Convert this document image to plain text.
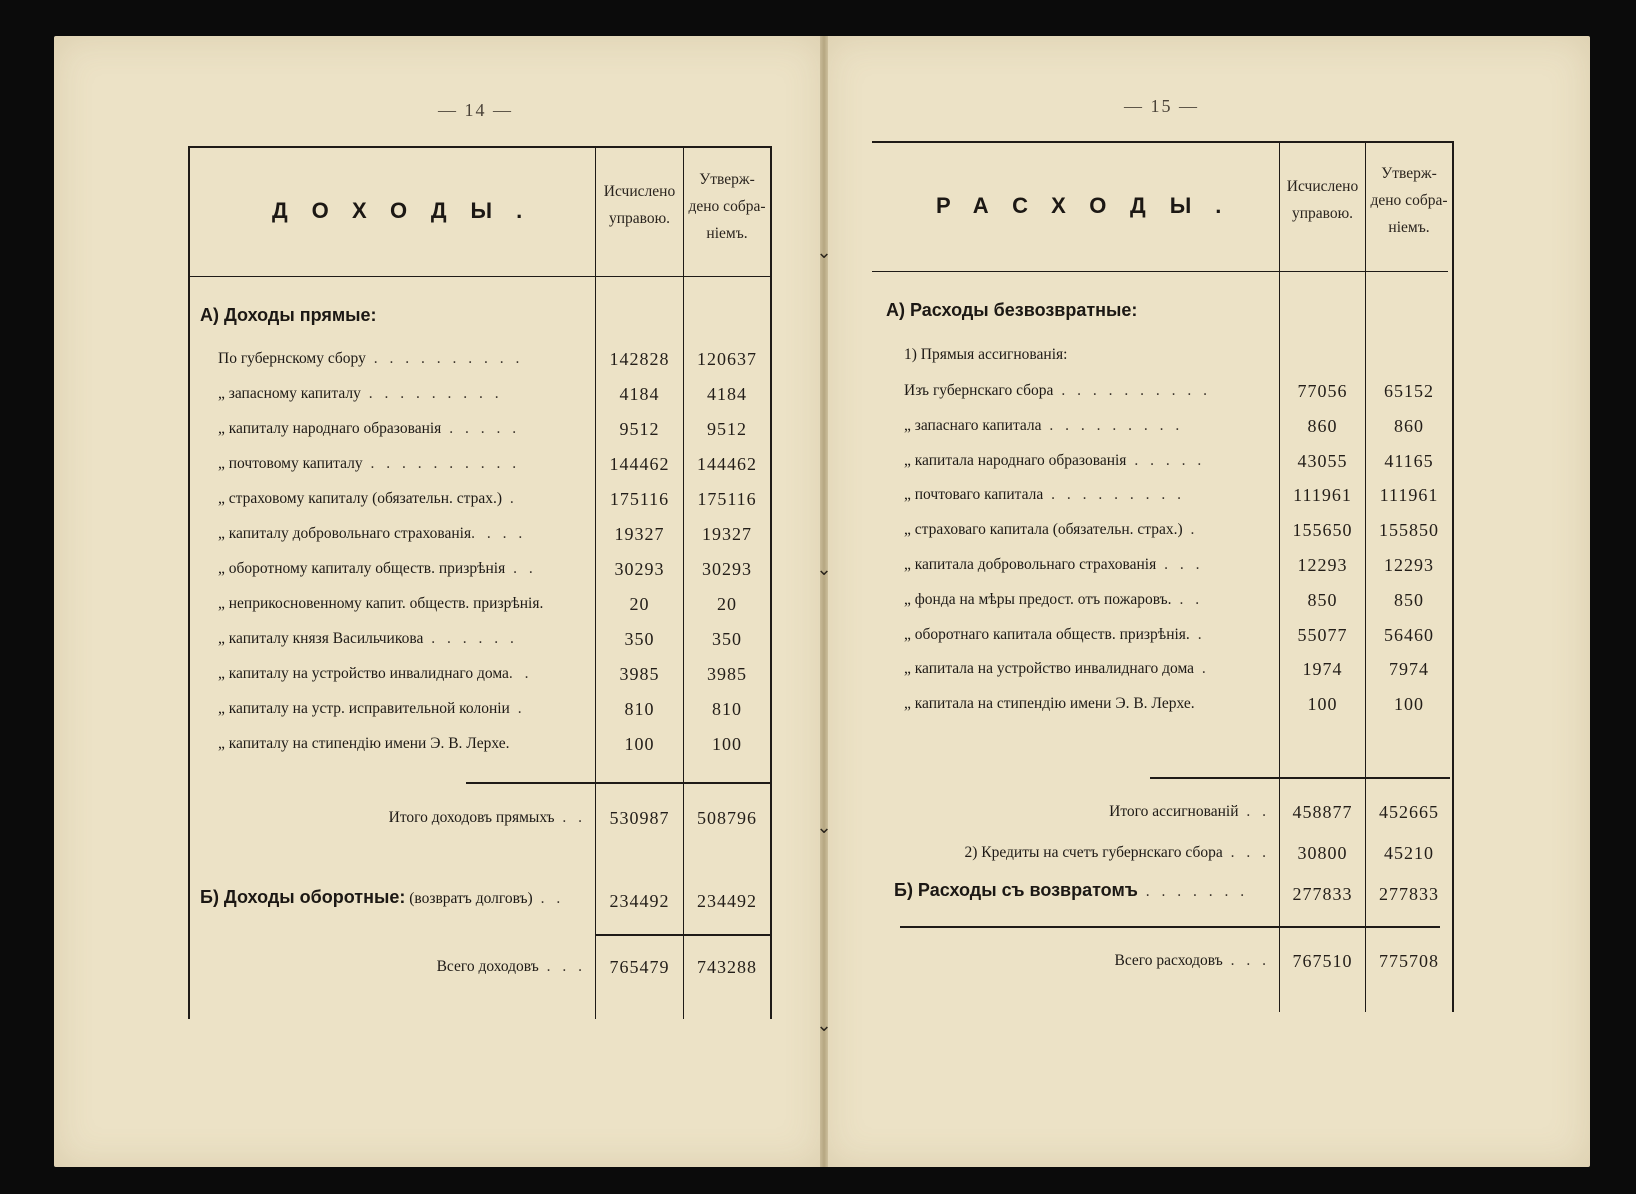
⌄
⌄
⌄
⌄
— 14 —
ДОХОДЫ.
Исчислено
управою.
Утверж-
дено собра-
ніемъ.
А) Доходы прямые:
По губернскому сбору . . . . . . . . . .	142828	120637
„ запасному капиталу . . . . . . . . .	4184	4184
„ капиталу народнаго образованія . . . . .	9512	9512
„ почтовому капиталу . . . . . . . . . .	144462	144462
„ страховому капиталу (обязательн. страх.) .	175116	175116
„ капиталу добровольнаго страхованія. . . .	19327	19327
„ оборотному капиталу обществ. призрѣнія . .	30293	30293
„ неприкосновенному капит. обществ. призрѣнія.	20	20
„ капиталу князя Васильчикова . . . . . .	350	350
„ капиталу на устройство инвалиднаго дома. .	3985	3985
„ капиталу на устр. исправительной колоніи .	810	810
„ капиталу на стипендію имени Э. В. Лерхе.	100	100
Итого доходовъ прямыхъ . .	530987	508796
Б) Доходы оборотные: (возвратъ долговъ) . .	234492	234492
Всего доходовъ . . .	765479	743288
— 15 —
РАСХОДЫ.
Исчислено
управою.
Утверж-
дено собра-
ніемъ.
А) Расходы безвозвратные:
1) Прямыя ассигнованія:
Изъ губернскаго сбора . . . . . . . . . .	77056	65152
„ запаснаго капитала . . . . . . . . .	860	860
„ капитала народнаго образованія . . . . .	43055	41165
„ почтоваго капитала . . . . . . . . .	111961	111961
„ страховаго капитала (обязательн. страх.) .	155650	155850
„ капитала добровольнаго страхованія . . .	12293	12293
„ фонда на мѣры предост. отъ пожаровъ. . .	850	850
„ оборотнаго капитала обществ. призрѣнія. .	55077	56460
„ капитала на устройство инвалиднаго дома .	1974	7974
„ капитала на стипендію имени Э. В. Лерхе.	100	100
Итого ассигнованій . .	458877	452665
2) Кредиты на счетъ губернскаго сбора . . .	30800	45210
Б) Расходы съ возвратомъ . . . . . . .	277833	277833
Всего расходовъ . . .	767510	775708
